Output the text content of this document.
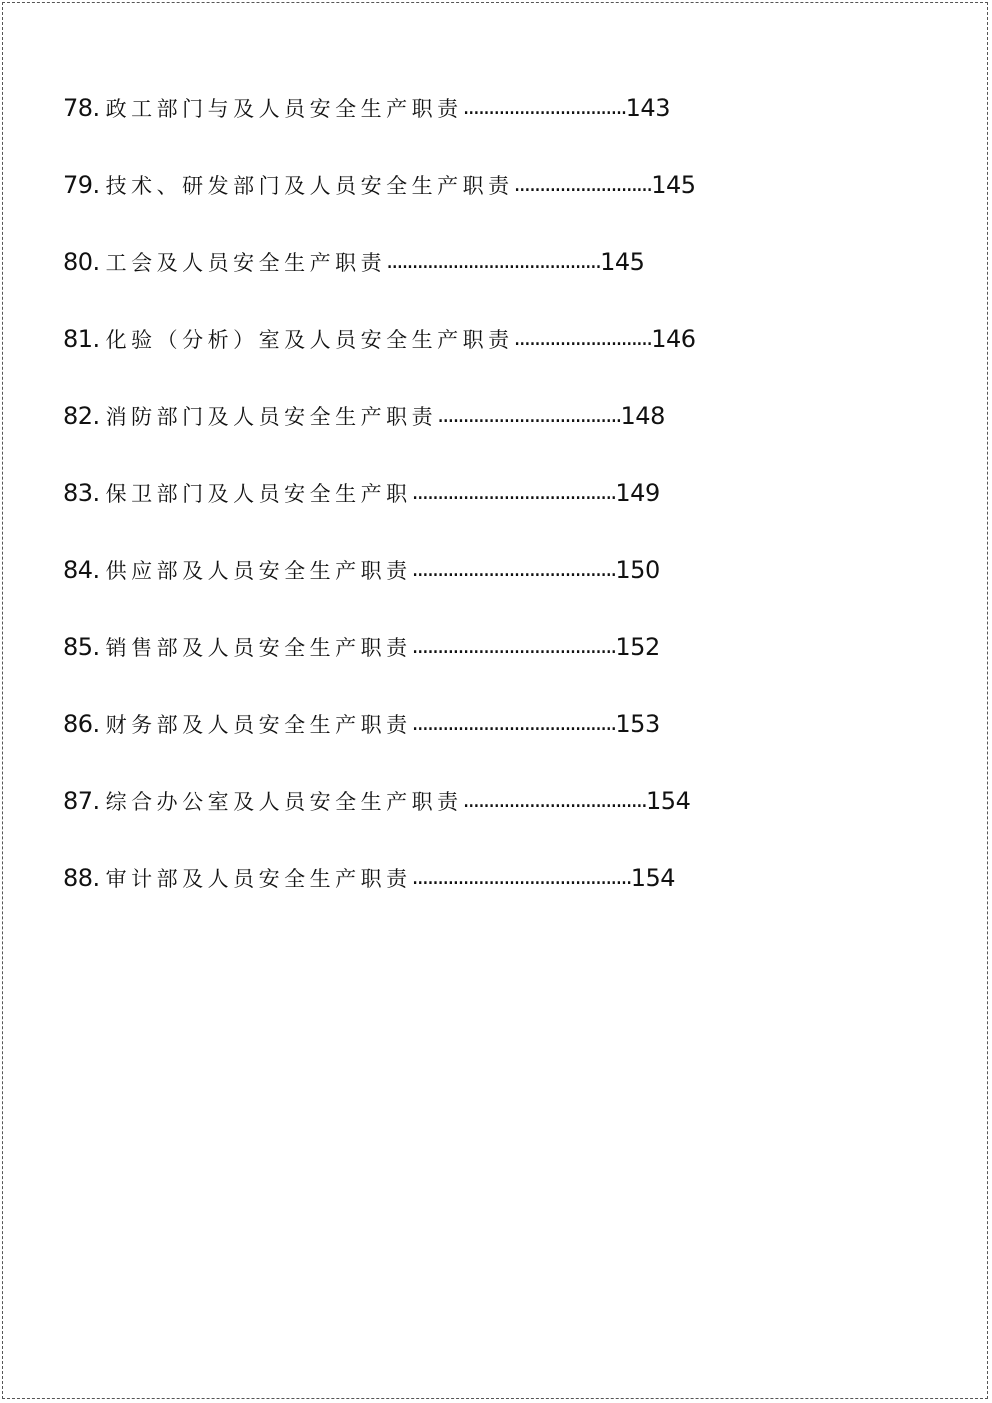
78. 政工部门与及人员安全生产职责 ................................ 143
79. 技术、研发部门及人员安全生产职责 ........................... 145
80. 工会及人员安全生产职责 .......................................... 145
81. 化验（分析）室及人员安全生产职责 ........................... 146
82. 消防部门及人员安全生产职责 .................................... 148
83. 保卫部门及人员安全生产职 ........................................ 149
84. 供应部及人员安全生产职责 ........................................ 150
85. 销售部及人员安全生产职责 ........................................ 152
86. 财务部及人员安全生产职责 ........................................ 153
87. 综合办公室及人员安全生产职责 .................................... 154
88. 审计部及人员安全生产职责 ........................................... 154
